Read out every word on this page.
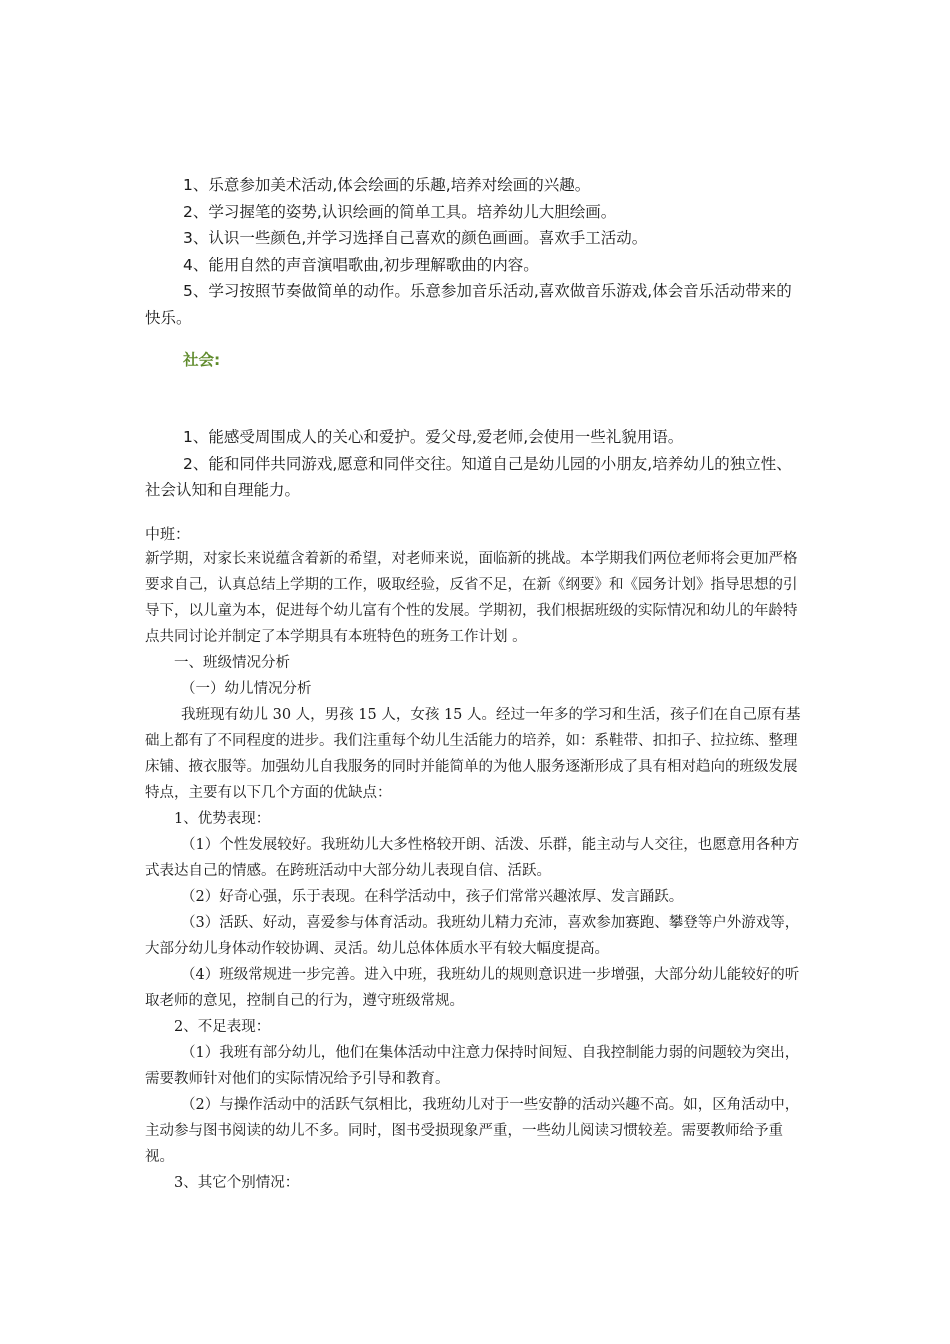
1、乐意参加美术活动,体会绘画的乐趣,培养对绘画的兴趣。

2、学习握笔的姿势,认识绘画的简单工具。培养幼儿大胆绘画。

3、认识一些颜色,并学习选择自己喜欢的颜色画画。喜欢手工活动。

4、能用自然的声音演唱歌曲,初步理解歌曲的内容。

5、学习按照节奏做简单的动作。乐意参加音乐活动,喜欢做音乐游戏,体会音乐活动带来的快乐。

社会:

1、能感受周围成人的关心和爱护。爱父母,爱老师,会使用一些礼貌用语。

2、能和同伴共同游戏,愿意和同伴交往。知道自己是幼儿园的小朋友,培养幼儿的独立性、社会认知和自理能力。

中班：

新学期，对家长来说蕴含着新的希望，对老师来说，面临新的挑战。本学期我们两位老师将会更加严格要求自己，认真总结上学期的工作，吸取经验，反省不足，在新《纲要》和《园务计划》指导思想的引导下，以儿童为本，促进每个幼儿富有个性的发展。学期初，我们根据班级的实际情况和幼儿的年龄特点共同讨论并制定了本学期具有本班特色的班务工作计划 。

一、班级情况分析

（一）幼儿情况分析

我班现有幼儿 30 人，男孩 15 人，女孩 15 人。经过一年多的学习和生活，孩子们在自己原有基础上都有了不同程度的进步。我们注重每个幼儿生活能力的培养，如：系鞋带、扣扣子、拉拉练、整理床铺、掖衣服等。加强幼儿自我服务的同时并能简单的为他人服务逐渐形成了具有相对趋向的班级发展特点，主要有以下几个方面的优缺点：

1、优势表现：

（1）个性发展较好。我班幼儿大多性格较开朗、活泼、乐群，能主动与人交往，也愿意用各种方式表达自己的情感。在跨班活动中大部分幼儿表现自信、活跃。

（2）好奇心强，乐于表现。在科学活动中，孩子们常常兴趣浓厚、发言踊跃。

（3）活跃、好动，喜爱参与体育活动。我班幼儿精力充沛，喜欢参加赛跑、攀登等户外游戏等，大部分幼儿身体动作较协调、灵活。幼儿总体体质水平有较大幅度提高。

（4）班级常规进一步完善。进入中班，我班幼儿的规则意识进一步增强，大部分幼儿能较好的听取老师的意见，控制自己的行为，遵守班级常规。

2、不足表现：

（1）我班有部分幼儿，他们在集体活动中注意力保持时间短、自我控制能力弱的问题较为突出，需要教师针对他们的实际情况给予引导和教育。

（2）与操作活动中的活跃气氛相比，我班幼儿对于一些安静的活动兴趣不高。如，区角活动中，主动参与图书阅读的幼儿不多。同时，图书受损现象严重，一些幼儿阅读习惯较差。需要教师给予重视。

3、其它个别情况：
